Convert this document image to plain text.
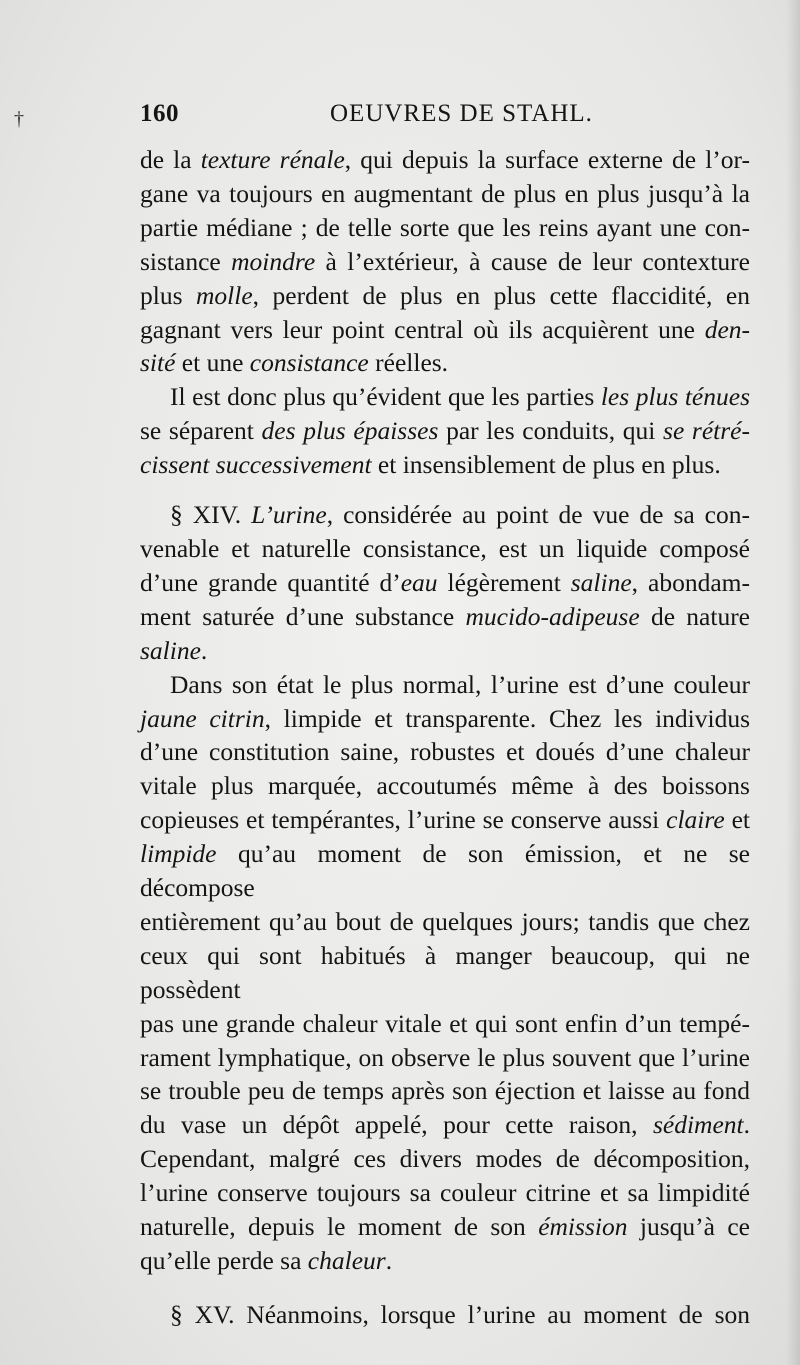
†	160	OEUVRES DE STAHL.

de la texture rénale, qui depuis la surface externe de l’or-

gane va toujours en augmentant de plus en plus jusqu’à la

partie médiane ; de telle sorte que les reins ayant une con-

sistance moindre à l’extérieur, à cause de leur contexture

plus molle, perdent de plus en plus cette flaccidité, en

gagnant vers leur point central où ils acquièrent une den-

sité et une consistance réelles.

Il est donc plus qu’évident que les parties les plus ténues

se séparent des plus épaisses par les conduits, qui se rétré-

cissent successivement et insensiblement de plus en plus.

§ XIV. L’urine, considérée au point de vue de sa con-

venable et naturelle consistance, est un liquide composé

d’une grande quantité d’eau légèrement saline, abondam-

ment saturée d’une substance mucido-adipeuse de nature

saline.

Dans son état le plus normal, l’urine est d’une couleur

jaune citrin, limpide et transparente. Chez les individus

d’une constitution saine, robustes et doués d’une chaleur

vitale plus marquée, accoutumés même à des boissons

copieuses et tempérantes, l’urine se conserve aussi claire et

limpide qu’au moment de son émission, et ne se décompose

entièrement qu’au bout de quelques jours; tandis que chez

ceux qui sont habitués à manger beaucoup, qui ne possèdent

pas une grande chaleur vitale et qui sont enfin d’un tempé-

rament lymphatique, on observe le plus souvent que l’urine

se trouble peu de temps après son éjection et laisse au fond

du vase un dépôt appelé, pour cette raison, sédiment.

Cependant, malgré ces divers modes de décomposition,

l’urine conserve toujours sa couleur citrine et sa limpidité

naturelle, depuis le moment de son émission jusqu’à ce

qu’elle perde sa chaleur.

§ XV. Néanmoins, lorsque l’urine au moment de son
